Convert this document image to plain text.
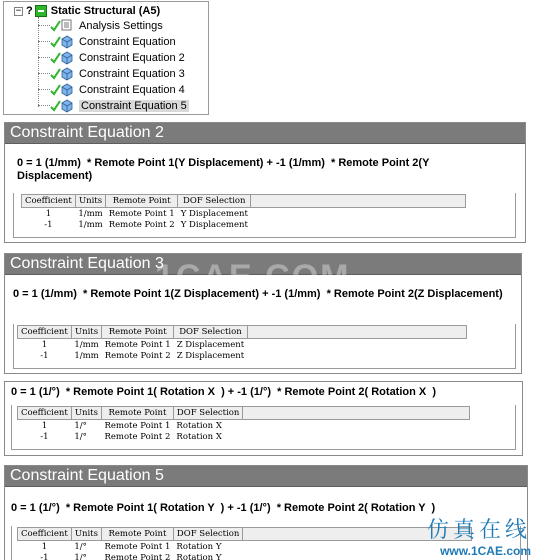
− ? Static Structural (A5)
Analysis Settings
Constraint Equation
Constraint Equation 2
Constraint Equation 3
Constraint Equation 4
Constraint Equation 5
Constraint Equation 2
0 = 1 (1/mm)  * Remote Point 1(Y Displacement) + -1 (1/mm)  * Remote Point 2(Y Displacement)
Coefficient	Units	Remote Point	DOF Selection	
1	1/mm	Remote Point 1	Y Displacement	
-1	1/mm	Remote Point 2	Y Displacement	
Constraint Equation 3
0 = 1 (1/mm)  * Remote Point 1(Z Displacement) + -1 (1/mm)  * Remote Point 2(Z Displacement)
Coefficient	Units	Remote Point	DOF Selection	
1	1/mm	Remote Point 1	Z Displacement	
-1	1/mm	Remote Point 2	Z Displacement	
1CAE.COM
0 = 1 (1/°)  * Remote Point 1( Rotation X  ) + -1 (1/°)  * Remote Point 2( Rotation X  )
Coefficient	Units	Remote Point	DOF Selection	
1	1/°	Remote Point 1	Rotation X	
-1	1/°	Remote Point 2	Rotation X	
Constraint Equation 5
0 = 1 (1/°)  * Remote Point 1( Rotation Y  ) + -1 (1/°)  * Remote Point 2( Rotation Y  )
Coefficient	Units	Remote Point	DOF Selection	
1	1/°	Remote Point 1	Rotation Y	
-1	1/°	Remote Point 2	Rotation Y	
仿真在线
www.1CAE.com
